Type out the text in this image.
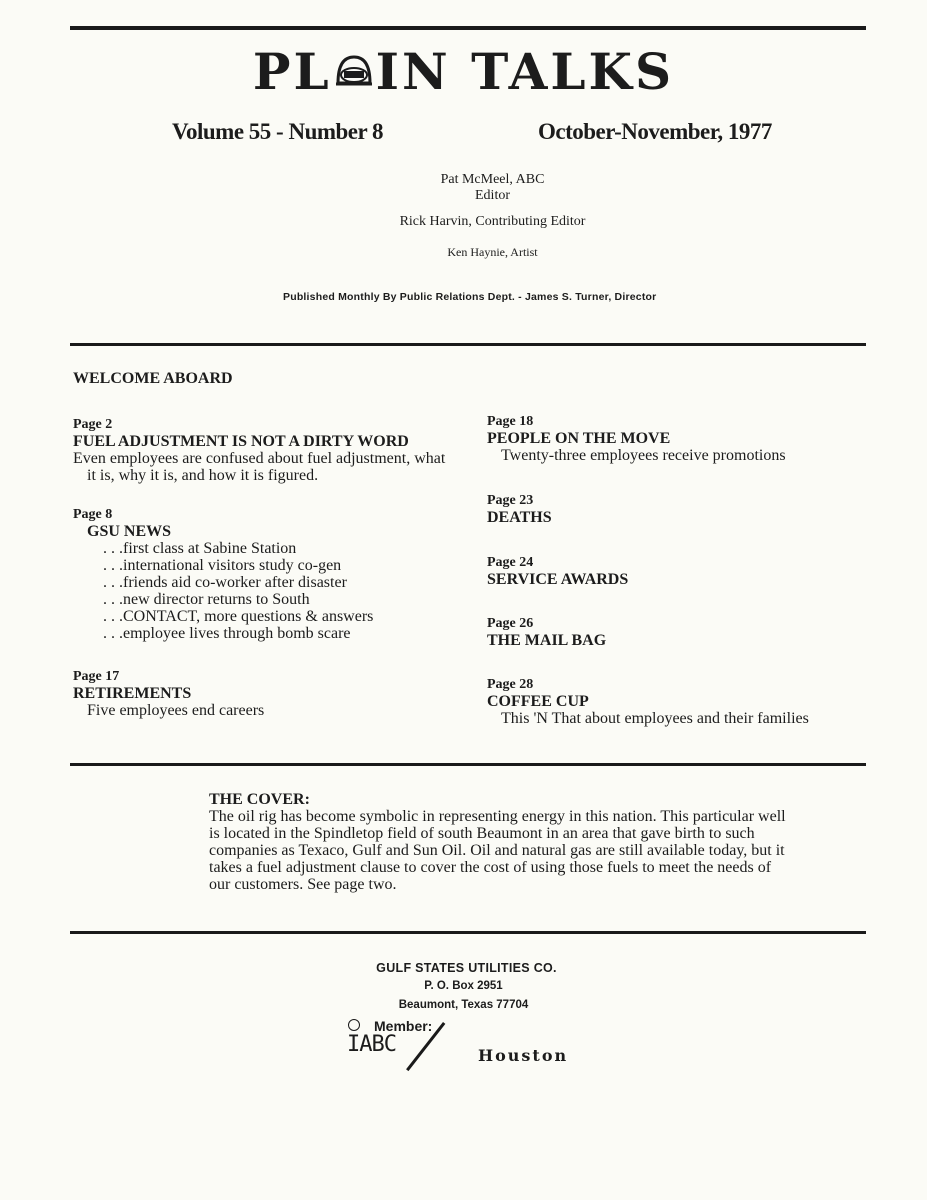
PL IN TALKS
Volume 55 - Number 8	October-November, 1977
Pat McMeel, ABC
Editor
Rick Harvin, Contributing Editor
Ken Haynie, Artist
Published Monthly By Public Relations Dept. - James S. Turner, Director
WELCOME ABOARD
Page 2
FUEL ADJUSTMENT IS NOT A DIRTY WORD
Even employees are confused about fuel adjustment, what it is, why it is, and how it is figured.
Page 8
GSU NEWS
. . .first class at Sabine Station
. . .international visitors study co-gen
. . .friends aid co-worker after disaster
. . .new director returns to South
. . .CONTACT, more questions & answers
. . .employee lives through bomb scare
Page 17
RETIREMENTS
Five employees end careers
Page 18
PEOPLE ON THE MOVE
Twenty-three employees receive promotions
Page 23
DEATHS
Page 24
SERVICE AWARDS
Page 26
THE MAIL BAG
Page 28
COFFEE CUP
This 'N That about employees and their families
THE COVER:
The oil rig has become symbolic in representing energy in this nation. This particular well is located in the Spindletop field of south Beaumont in an area that gave birth to such companies as Texaco, Gulf and Sun Oil. Oil and natural gas are still available today, but it takes a fuel adjustment clause to cover the cost of using those fuels to meet the needs of our customers. See page two.
GULF STATES UTILITIES CO.
P. O. Box 2951
Beaumont, Texas 77704
Member:
IABC	Houston
